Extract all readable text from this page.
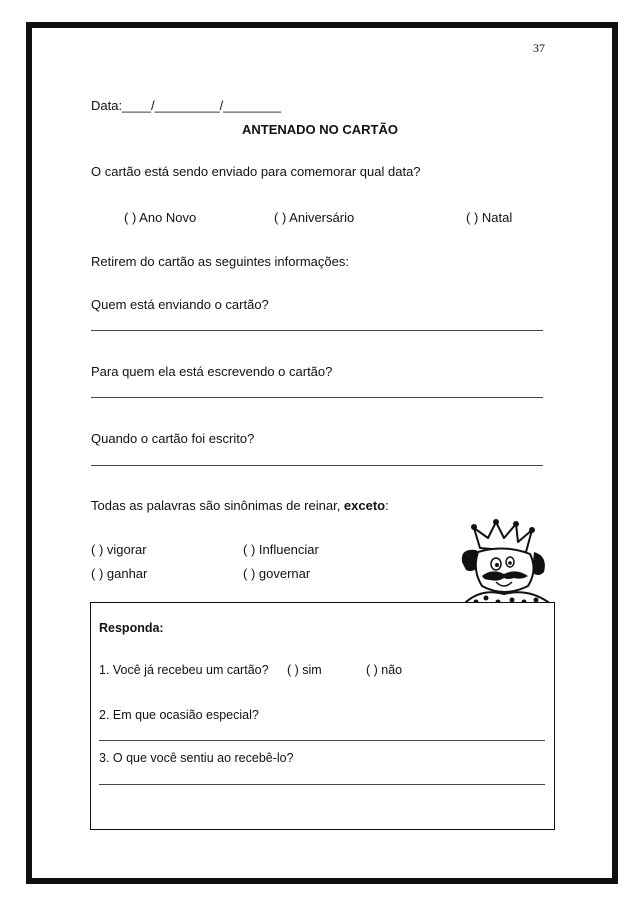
37
Data:____/_________/________
ANTENADO NO CARTÃO
O cartão está sendo enviado para comemorar qual data?
( ) Ano Novo	( ) Aniversário	( ) Natal
Retirem do cartão as seguintes informações:
Quem está enviando o cartão?
Para quem ela está escrevendo o cartão?
Quando o cartão foi escrito?
Todas as palavras são sinônimas de reinar, exceto:
( ) vigorar	( ) Influenciar
( ) ganhar	( ) governar
Responda:
1. Você já recebeu um cartão? ( ) sim	( ) não
2. Em que ocasião especial?
3. O que você sentiu ao recebê-lo?
